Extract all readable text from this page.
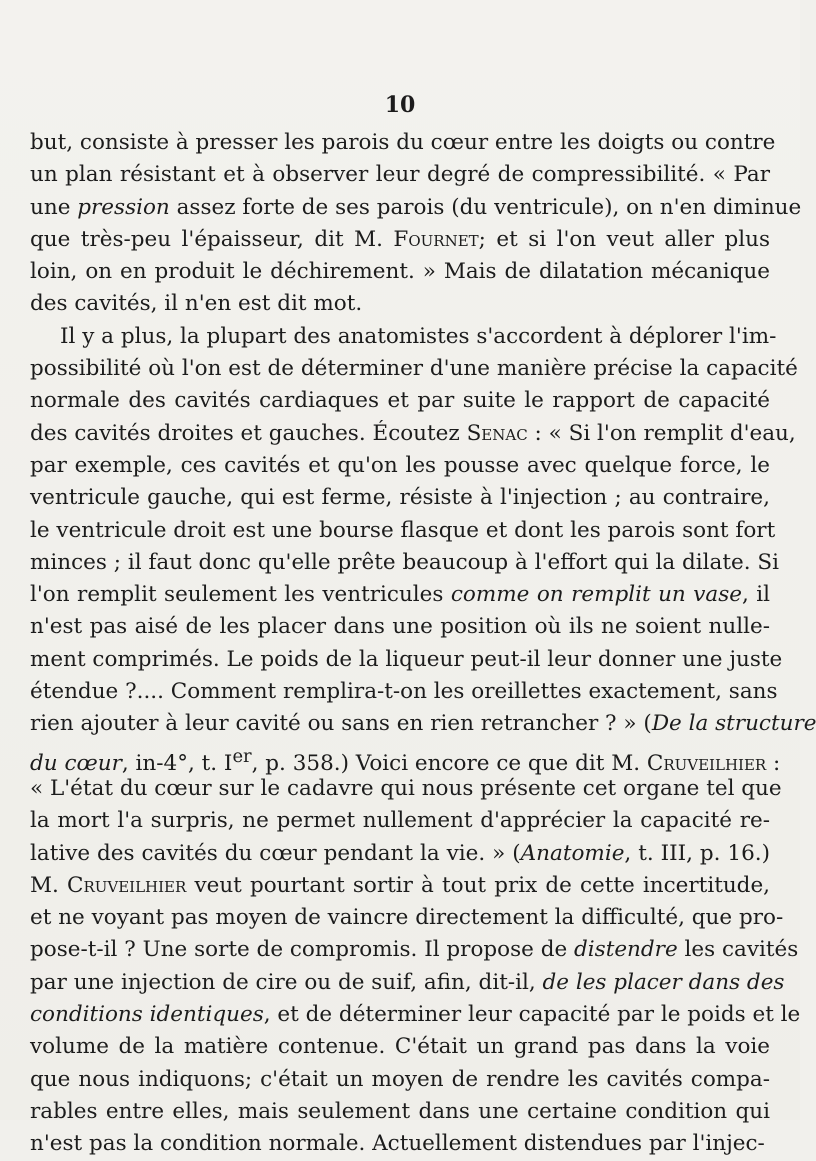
10
but, consiste à presser les parois du cœur entre les doigts ou contre
un plan résistant et à observer leur degré de compressibilité. « Par
une pression assez forte de ses parois (du ventricule), on n'en diminue
que très-peu l'épaisseur, dit M. Fournet; et si l'on veut aller plus
loin, on en produit le déchirement. » Mais de dilatation mécanique
des cavités, il n'en est dit mot.
Il y a plus, la plupart des anatomistes s'accordent à déplorer l'im-
possibilité où l'on est de déterminer d'une manière précise la capacité
normale des cavités cardiaques et par suite le rapport de capacité
des cavités droites et gauches. Écoutez Senac : « Si l'on remplit d'eau,
par exemple, ces cavités et qu'on les pousse avec quelque force, le
ventricule gauche, qui est ferme, résiste à l'injection ; au contraire,
le ventricule droit est une bourse flasque et dont les parois sont fort
minces ; il faut donc qu'elle prête beaucoup à l'effort qui la dilate. Si
l'on remplit seulement les ventricules comme on remplit un vase, il
n'est pas aisé de les placer dans une position où ils ne soient nulle-
ment comprimés. Le poids de la liqueur peut-il leur donner une juste
étendue ?.... Comment remplira-t-on les oreillettes exactement, sans
rien ajouter à leur cavité ou sans en rien retrancher ? » (De la structure
du cœur, in-4°, t. Ier, p. 358.) Voici encore ce que dit M. Cruveilhier :
« L'état du cœur sur le cadavre qui nous présente cet organe tel que
la mort l'a surpris, ne permet nullement d'apprécier la capacité re-
lative des cavités du cœur pendant la vie. » (Anatomie, t. III, p. 16.)
M. Cruveilhier veut pourtant sortir à tout prix de cette incertitude,
et ne voyant pas moyen de vaincre directement la difficulté, que pro-
pose-t-il ? Une sorte de compromis. Il propose de distendre les cavités
par une injection de cire ou de suif, afin, dit-il, de les placer dans des
conditions identiques, et de déterminer leur capacité par le poids et le
volume de la matière contenue. C'était un grand pas dans la voie
que nous indiquons; c'était un moyen de rendre les cavités compa-
rables entre elles, mais seulement dans une certaine condition qui
n'est pas la condition normale. Actuellement distendues par l'injec-
